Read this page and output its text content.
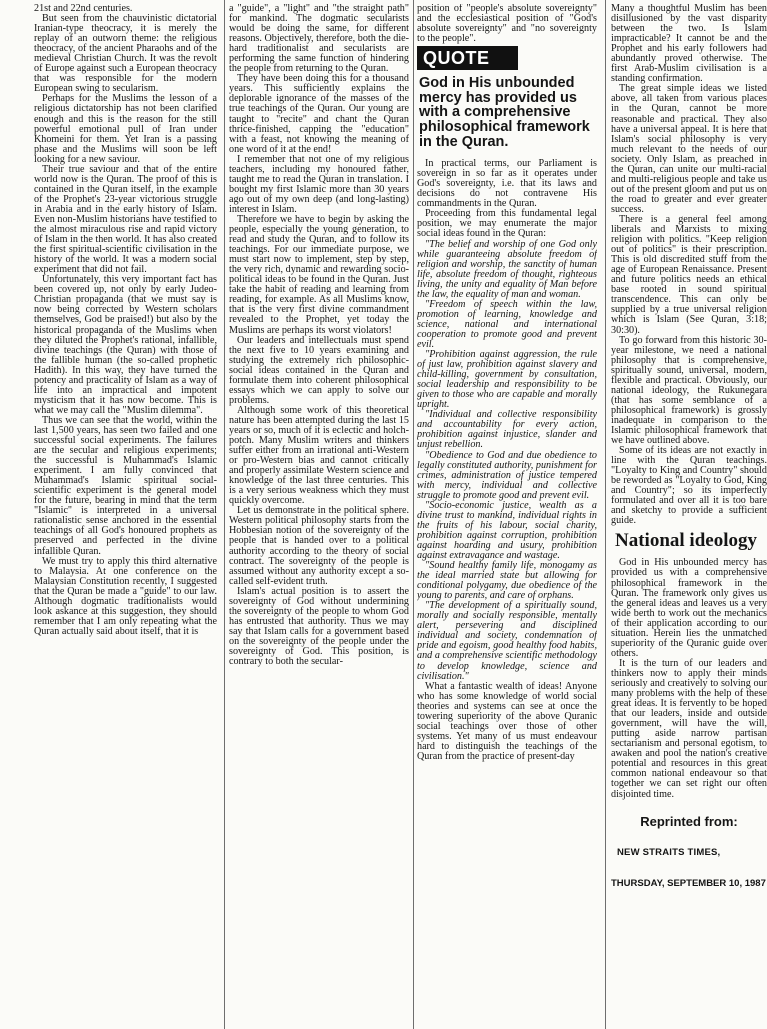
21st and 22nd centuries.

But seen from the chauvinistic dictatorial Iranian-type theocracy, it is merely the replay of an outworn theme: the religious theocracy, of the ancient Pharaohs and of the medieval Christian Church. It was the revolt of Europe against such a European theocracy that was responsible for the modern European swing to secularism.

Perhaps for the Muslims the lesson of a religious dictatorship has not been clarified enough and this is the reason for the still powerful emotional pull of Iran under Khomeini for them. Yet Iran is a passing phase and the Muslims will soon be left looking for a new saviour.

Their true saviour and that of the entire world now is the Quran. The proof of this is contained in the Quran itself, in the example of the Prophet's 23-year victorious struggle in Arabia and in the early history of Islam. Even non-Muslim historians have testified to the almost miraculous rise and rapid victory of Islam in the then world. It has also created the first spiritual-scientific civilisation in the history of the world. It was a modern social experiment that did not fail.

Unfortunately, this very important fact has been covered up, not only by early Judeo-Christian propaganda (that we must say is now being corrected by Western scholars themselves, God be praised!) but also by the historical propaganda of the Muslims when they diluted the Prophet's rational, infallible, divine teachings (the Quran) with those of the fallible human (the so-called prophetic Hadith). In this way, they have turned the potency and practicality of Islam as a way of life into an impractical and impotent mysticism that it has now become. This is what we may call the "Muslim dilemma".

Thus we can see that the world, within the last 1,500 years, has seen two failed and one successful social experiments. The failures are the secular and religious experiments; the successful is Muhammad's Islamic experiment. I am fully convinced that Muhammad's Islamic spiritual social-scientific experiment is the general model for the future, bearing in mind that the term "Islamic" is interpreted in a universal rationalistic sense anchored in the essential teachings of all God's honoured prophets as preserved and perfected in the divine infallible Quran.

We must try to apply this third alternative to Malaysia. At one conference on the Malaysian Constitution recently, I suggested that the Quran be made a "guide" to our law. Although dogmatic traditionalists would look askance at this suggestion, they should remember that I am only repeating what the Quran actually said about itself, that it is

a "guide", a "light" and "the straight path" for mankind. The dogmatic secularists would be doing the same, for different reasons. Objectively, therefore, both the die-hard traditionalist and secularists are performing the same function of hindering the people from returning to the Quran.

They have been doing this for a thousand years. This sufficiently explains the deplorable ignorance of the masses of the true teachings of the Quran. Our young are taught to "recite" and chant the Quran thrice-finished, capping the "education" with a feast, not knowing the meaning of one word of it at the end!

I remember that not one of my religious teachers, including my honoured father, taught me to read the Quran in translation. I bought my first Islamic more than 30 years ago out of my own deep (and long-lasting) interest in Islam.

Therefore we have to begin by asking the people, especially the young generation, to read and study the Quran, and to follow its teachings. For our immediate purpose, we must start now to implement, step by step, the very rich, dynamic and rewarding socio-political ideas to be found in the Quran. Just take the habit of reading and learning from reading, for example. As all Muslims know, that is the very first divine commandment revealed to the Prophet, yet today the Muslims are perhaps its worst violators!

Our leaders and intellectuals must spend the next five to 10 years examining and studying the extremely rich philosophic-social ideas contained in the Quran and formulate them into coherent philosophical essays which we can apply to solve our problems.

Although some work of this theoretical nature has been attempted during the last 15 years or so, much of it is eclectic and holch-potch. Many Muslim writers and thinkers suffer either from an irrational anti-Western or pro-Western bias and cannot critically and properly assimilate Western science and knowledge of the last three centuries. This is a very serious weakness which they must quickly overcome.

Let us demonstrate in the political sphere. Western political philosophy starts from the Hobbesian notion of the sovereignty of the people that is handed over to a political authority according to the theory of social contract. The sovereignty of the people is assumed without any authority except a so-called self-evident truth.

Islam's actual position is to assert the sovereignty of God without undermining the sovereignty of the people to whom God has entrusted that authority. Thus we may say that Islam calls for a government based on the sovereignty of the people under the sovereignty of God. This position, is contrary to both the secular-

position of "people's absolute sovereignty" and the ecclesiastical position of "God's absolute sovereignty" and "no sovereignty to the people".

QUOTE
God in His unbounded mercy has provided us with a comprehensive philosophical framework in the Quran.

In practical terms, our Parliament is sovereign in so far as it operates under God's sovereignty, i.e. that its laws and decisions do not contravene His commandments in the Quran.

Proceeding from this fundamental legal position, we may enumerate the major social ideas found in the Quran:

"The belief and worship of one God only while guaranteeing absolute freedom of religion and worship, the sanctity of human life, absolute freedom of thought, righteous living, the unity and equality of Man before the law, the equality of man and woman.

"Freedom of speech within the law, promotion of learning, knowledge and science, national and international cooperation to promote good and prevent evil.

"Prohibition against aggression, the rule of just law, prohibition against slavery and child-killing, government by consultation, social leadership and responsibility to be given to those who are capable and morally upright.

"Individual and collective responsibility and accountability for every action, prohibition against injustice, slander and unjust rebellion.

"Obedience to God and due obedience to legally constituted authority, punishment for crimes, administration of justice tempered with mercy, individual and collective struggle to promote good and prevent evil.

"Socio-economic justice, wealth as a divine trust to mankind, individual rights in the fruits of his labour, social charity, prohibition against corruption, prohibition against hoarding and usury, prohibition against extravagance and wastage.

"Sound healthy family life, monogamy as the ideal married state but allowing for conditional polygamy, due obedience of the young to parents, and care of orphans.

"The development of a spiritually sound, morally and socially responsible, mentally alert, persevering and disciplined individual and society, condemnation of pride and egoism, good healthy food habits, and a comprehensive scientific methodology to develop knowledge, science and civilisation."

What a fantastic wealth of ideas! Anyone who has some knowledge of world social theories and systems can see at once the towering superiority of the above Quranic social teachings over those of other systems. Yet many of us must endeavour hard to distinguish the teachings of the Quran from the practice of present-day

Many a thoughtful Muslim has been disillusioned by the vast disparity between the two. Is Islam impracticable? It cannot be and the Prophet and his early followers had abundantly proved otherwise. The first Arab-Muslim civilisation is a standing confirmation.

The great simple ideas we listed above, all taken from various places in the Quran, cannot be more reasonable and practical. They also have a universal appeal. It is here that Islam's social philosophy is very much relevant to the needs of our society. Only Islam, as preached in the Quran, can unite our multi-racial and multi-religious people and take us out of the present gloom and put us on the road to greater and ever greater success.

There is a general feel among liberals and Marxists to mixing religion with politics. "Keep religion out of politics" is their prescription. This is old discredited stuff from the age of European Renaissance. Present and future politics needs an ethical base rooted in sound spiritual transcendence. This can only be supplied by a true universal religion which is Islam (See Quran, 3:18; 30:30).

To go forward from this historic 30-year milestone, we need a national philosophy that is comprehensive, spiritually sound, universal, modern, flexible and practical. Obviously, our national ideology, the Rukunegara (that has some semblance of a philosophical framework) is grossly inadequate in comparison to the Islamic philosophical framework that we have outlined above.

Some of its ideas are not exactly in line with the Quran teachings. "Loyalty to King and Country" should be reworded as "Loyalty to God, King and Country"; so its imperfectly formulated and over all it is too bare and sketchy to provide a sufficient guide.

National ideology

God in His unbounded mercy has provided us with a comprehensive philosophical framework in the Quran. The framework only gives us the general ideas and leaves us a very wide berth to work out the mechanics of their application according to our situation. Herein lies the unmatched superiority of the Quranic guide over others.

It is the turn of our leaders and thinkers now to apply their minds seriously and creatively to solving our many problems with the help of these great ideas. It is fervently to be hoped that our leaders, inside and outside government, will have the will, putting aside narrow partisan sectarianism and personal egotism, to awaken and pool the nation's creative potential and resources in this great common national endeavour so that together we can set right our often disjointed time.

Reprinted from:

NEW STRAITS TIMES,

THURSDAY, SEPTEMBER 10, 1987
